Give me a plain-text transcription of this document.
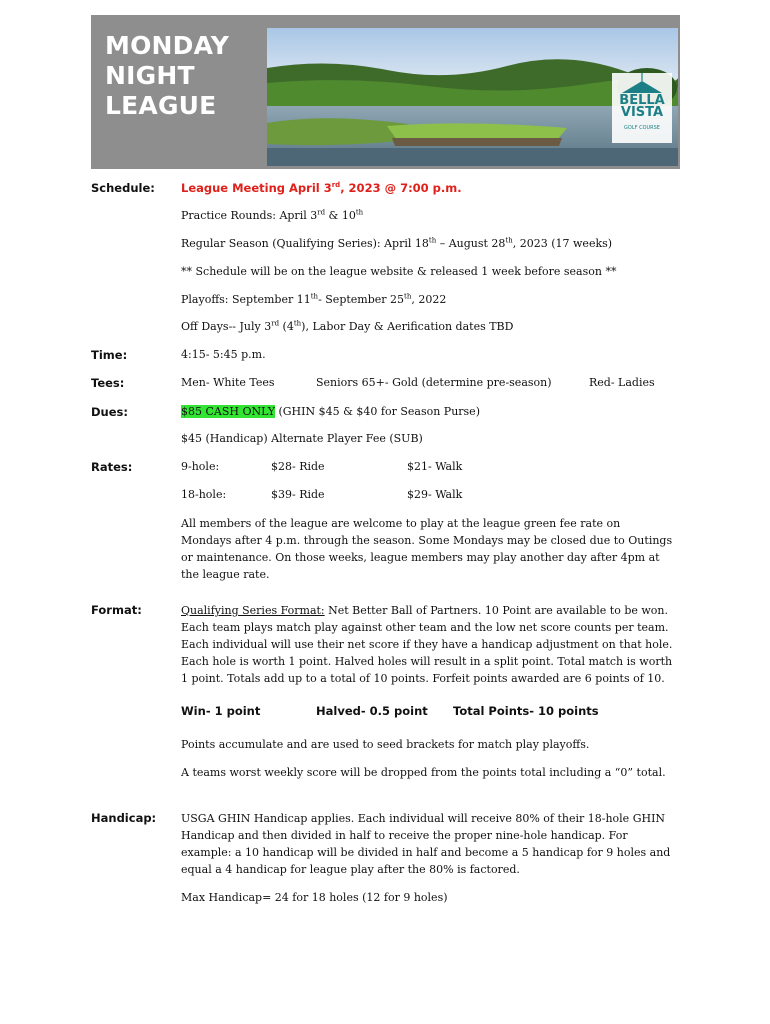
MONDAY
NIGHT
LEAGUE	BELLA
VISTA
GOLF COURSE
Schedule: League Meeting April 3rd, 2023 @ 7:00 p.m.
Practice Rounds: April 3rd & 10th
Regular Season (Qualifying Series): April 18th – August 28th, 2023 (17 weeks)
** Schedule will be on the league website & released 1 week before season **
Playoffs: September 11th- September 25th, 2022
Off Days-- July 3rd (4th), Labor Day & Aerification dates TBD
Time:	4:15- 5:45 p.m.
Tees:	Men- White Tees	Seniors 65+- Gold (determine pre-season)	Red- Ladies
Dues:	$85 CASH ONLY (GHIN $45 & $40 for Season Purse)
$45 (Handicap) Alternate Player Fee (SUB)
Rates:	9-hole:	$28- Ride	$21- Walk
18-hole:	$39- Ride	$29- Walk
All members of the league are welcome to play at the league green fee rate on Mondays after 4 p.m. through the season. Some Mondays may be closed due to Outings or maintenance. On those weeks, league members may play another day after 4pm at the league rate.
Format:	Qualifying Series Format: Net Better Ball of Partners. 10 Point are available to be won. Each team plays match play against other team and the low net score counts per team. Each individual will use their net score if they have a handicap adjustment on that hole. Each hole is worth 1 point. Halved holes will result in a split point. Total match is worth 1 point. Totals add up to a total of 10 points. Forfeit points awarded are 6 points of 10.
Win- 1 point	Halved- 0.5 point Total Points- 10 points
Points accumulate and are used to seed brackets for match play playoffs.
A teams worst weekly score will be dropped from the points total including a “0” total.
Handicap: USGA GHIN Handicap applies. Each individual will receive 80% of their 18-hole GHIN Handicap and then divided in half to receive the proper nine-hole handicap. For example: a 10 handicap will be divided in half and become a 5 handicap for 9 holes and equal a 4 handicap for league play after the 80% is factored.
Max Handicap= 24 for 18 holes (12 for 9 holes)
